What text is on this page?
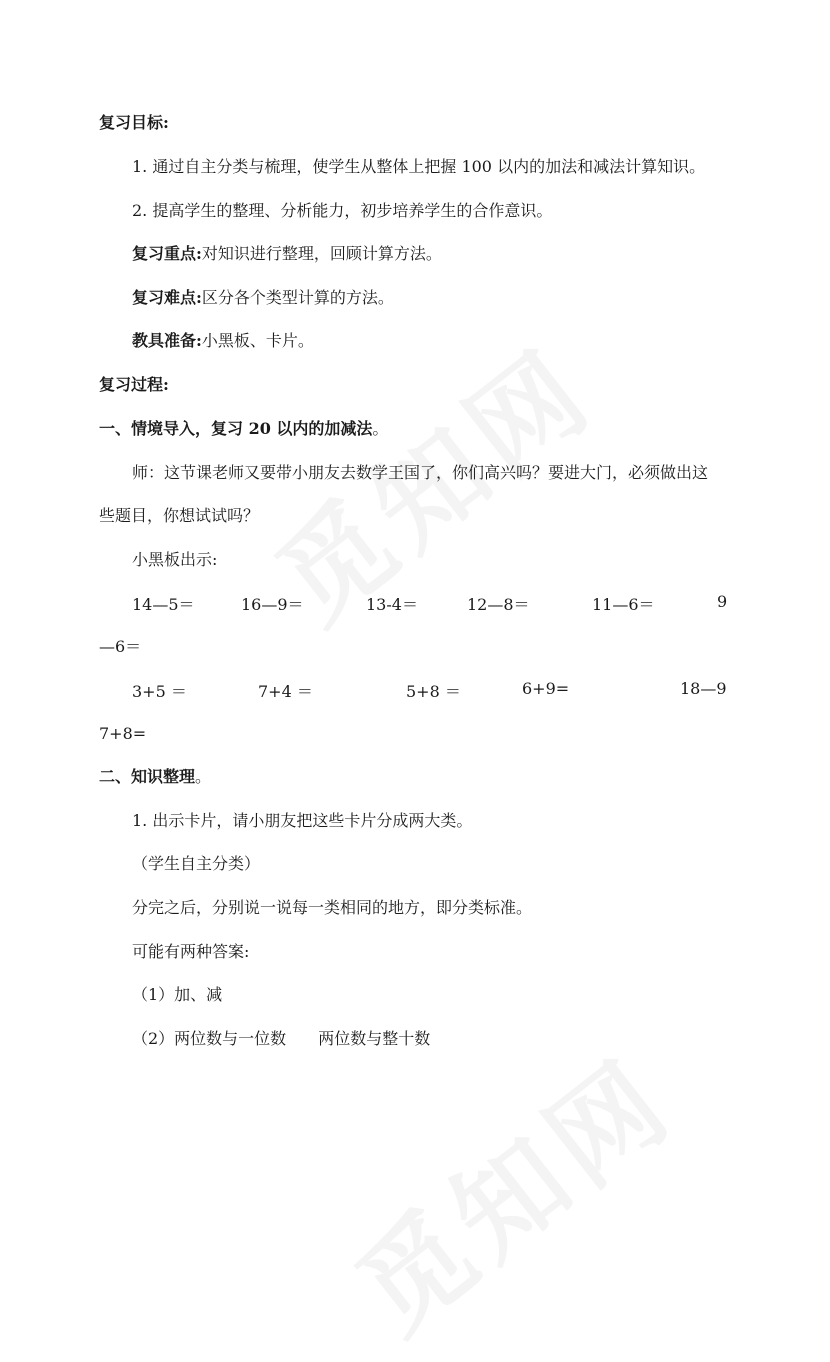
复习目标:
1. 通过自主分类与梳理，使学生从整体上把握 100 以内的加法和减法计算知识。
2. 提高学生的整理、分析能力，初步培养学生的合作意识。
复习重点:对知识进行整理，回顾计算方法。
复习难点:区分各个类型计算的方法。
教具准备:小黑板、卡片。
复习过程:
一、情境导入，复习 20 以内的加减法。
师：这节课老师又要带小朋友去数学王国了，你们高兴吗？要进大门，必须做出这
些题目，你想试试吗？
小黑板出示:
14—5＝	16—9＝	13-4＝	12—8＝	11—6＝	9
—6＝
3+5 ＝	7+4 ＝	5+8 ＝	6+9=	18—9
7+8=
二、知识整理。
1. 出示卡片，请小朋友把这些卡片分成两大类。
（学生自主分类）
分完之后，分别说一说每一类相同的地方，即分类标准。
可能有两种答案:
（1）加、减
（2）两位数与一位数 两位数与整十数
